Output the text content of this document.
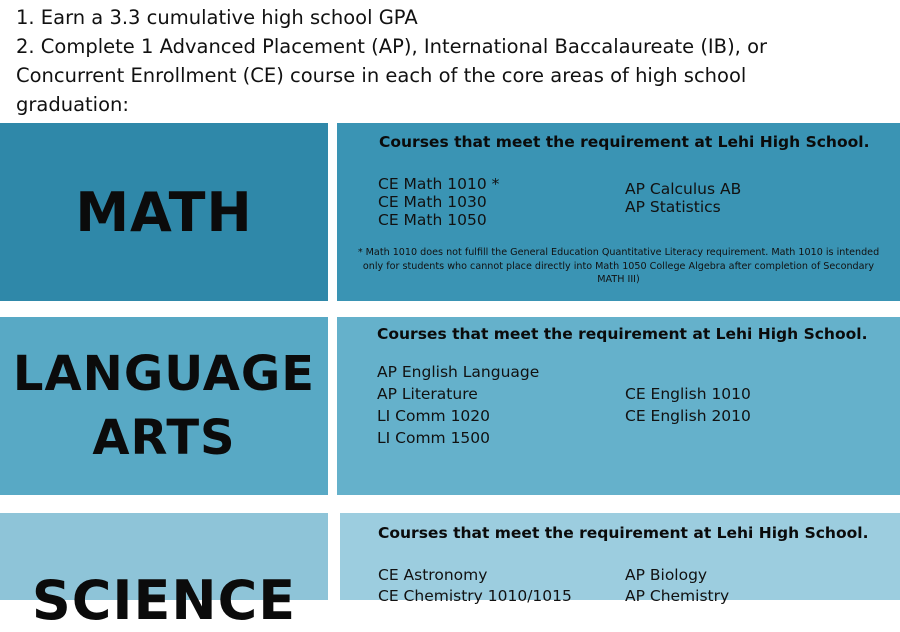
1. Earn a 3.3 cumulative high school GPA

2. Complete 1 Advanced Placement (AP), International Baccalaureate (IB), or

Concurrent Enrollment (CE) course in each of the core areas of high school

graduation:

MATH
Courses that meet the requirement at Lehi High School.
CE Math 1010 *
CE Math 1030
CE Math 1050
AP Calculus AB
AP Statistics
* Math 1010 does not fulfill the General Education Quantitative Literacy requirement. Math 1010 is intended
only for students who cannot place directly into Math 1050 College Algebra after completion of Secondary
MATH III)
LANGUAGE
ARTS
Courses that meet the requirement at Lehi High School.
AP English Language
AP Literature
LI Comm 1020
LI Comm 1500
CE English 1010
CE English 2010
SCIENCE
Courses that meet the requirement at Lehi High School.
CE Astronomy
CE Chemistry 1010/1015
AP Biology
AP Chemistry
